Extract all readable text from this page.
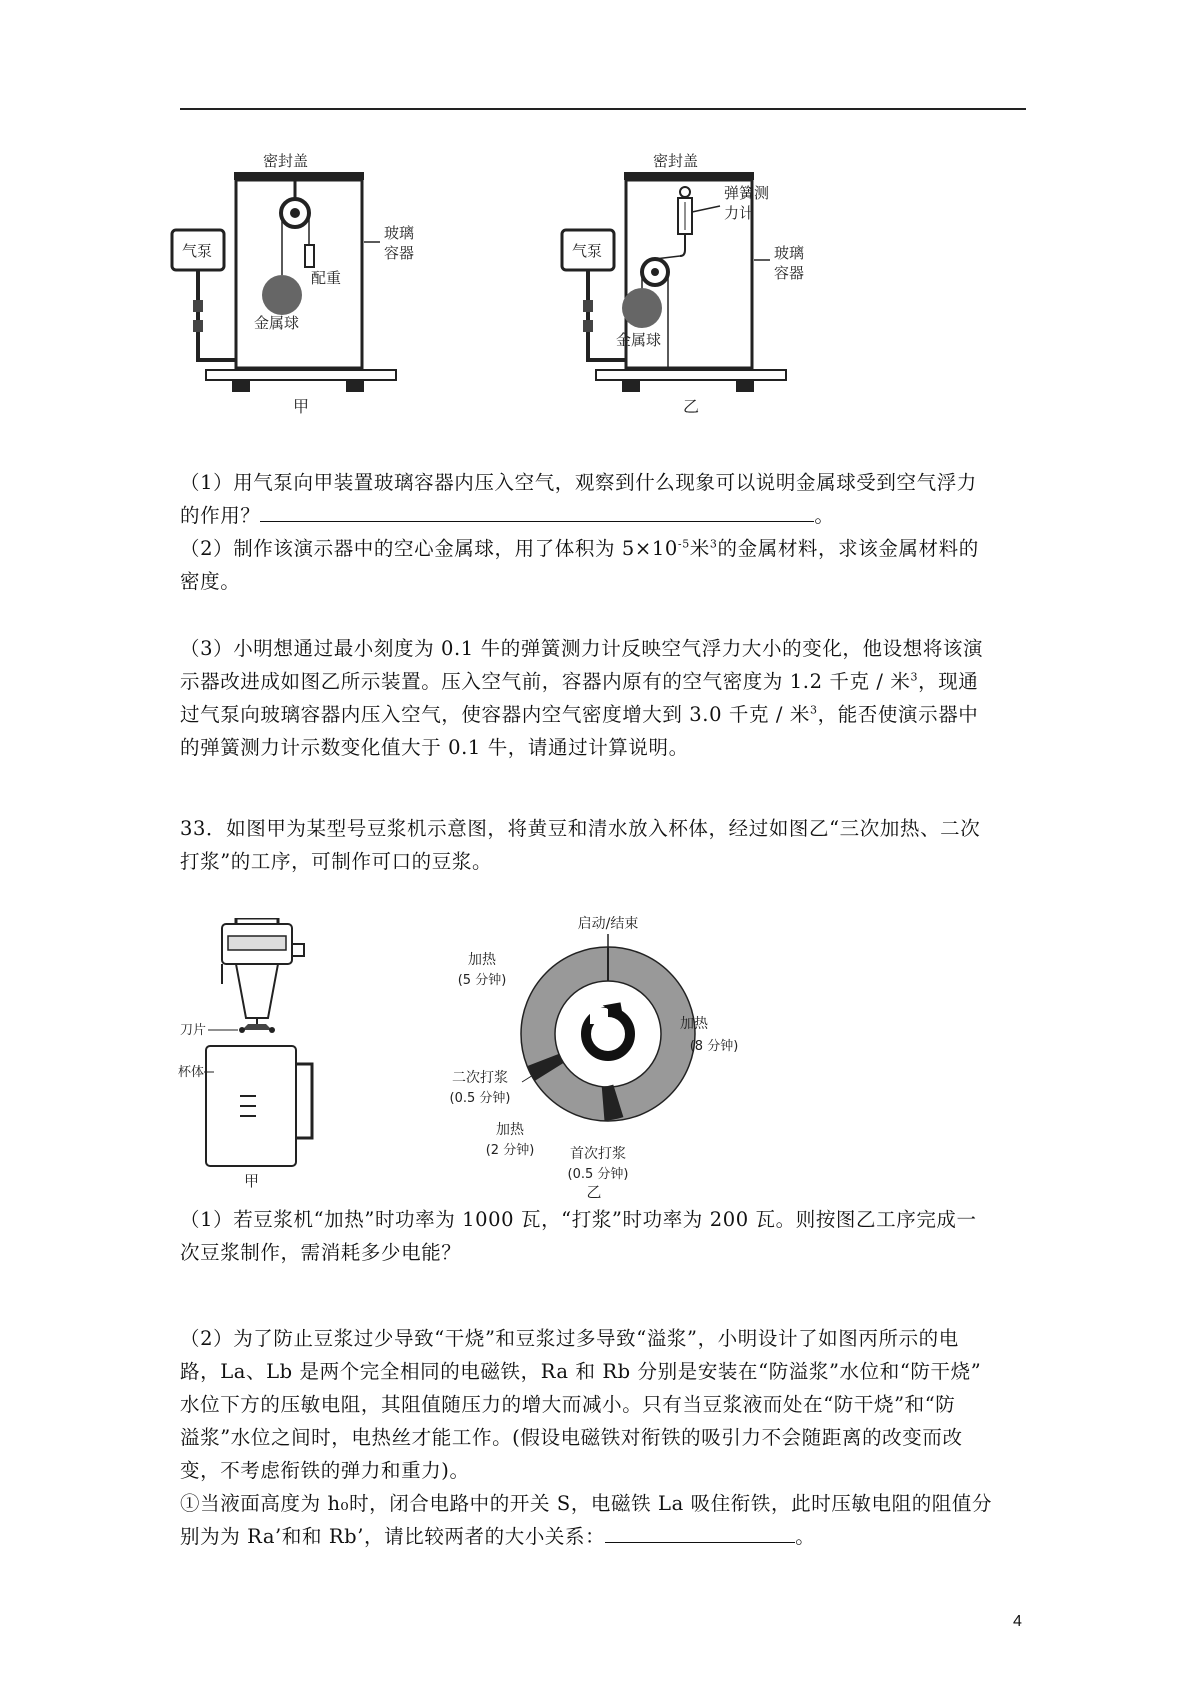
密封盖
配重
金属球
玻璃
容器
气泵
甲
密封盖
弹簧测
力计
金属球
玻璃
容器
气泵
乙
（1）用气泵向甲装置玻璃容器内压入空气，观察到什么现象可以说明金属球受到空气浮力
的作用？	。
（2）制作该演示器中的空心金属球，用了体积为 $5\times 10^{-5}$米$^3$的金属材料，求该金属材料的
密度。
（3）小明想通过最小刻度为 0.1 牛的弹簧测力计反映空气浮力大小的变化，他设想将该演
示器改进成如图乙所示装置。压入空气前，容器内原有的空气密度为 1.2 千克 / 米$^3$，现通
过气泵向玻璃容器内压入空气，使容器内空气密度增大到 3.0 千克 / 米$^3$，能否使演示器中
的弹簧测力计示数变化值大于 0.1 牛，请通过计算说明。
33．如图甲为某型号豆浆机示意图，将黄豆和清水放入杯体，经过如图乙“三次加热、二次
打浆”的工序，可制作可口的豆浆。
刀片
杯体
甲
启动/结束
加热
(5 分钟)
加热
(8 分钟)
二次打浆
(0.5 分钟)
加热
(2 分钟)	首次打浆
(0.5 分钟)
乙
（1）若豆浆机“加热”时功率为 1000 瓦，“打浆”时功率为 200 瓦。则按图乙工序完成一
次豆浆制作，需消耗多少电能？
（2）为了防止豆浆过少导致“干烧”和豆浆过多导致“溢浆”，小明设计了如图丙所示的电
路，La、Lb 是两个完全相同的电磁铁，Ra 和 Rb 分别是安装在“防溢浆”水位和“防干烧”
水位下方的压敏电阻，其阻值随压力的增大而减小。只有当豆浆液而处在“防干烧”和“防
溢浆”水位之间时，电热丝才能工作。(假设电磁铁对衔铁的吸引力不会随距离的改变而改
变，不考虑衔铁的弹力和重力)。
①当液面高度为 h₀时，闭合电路中的开关 S，电磁铁 La 吸住衔铁，此时压敏电阻的阻值分
别为为 Ra’和和 Rb’，请比较两者的大小关系：	。
4
